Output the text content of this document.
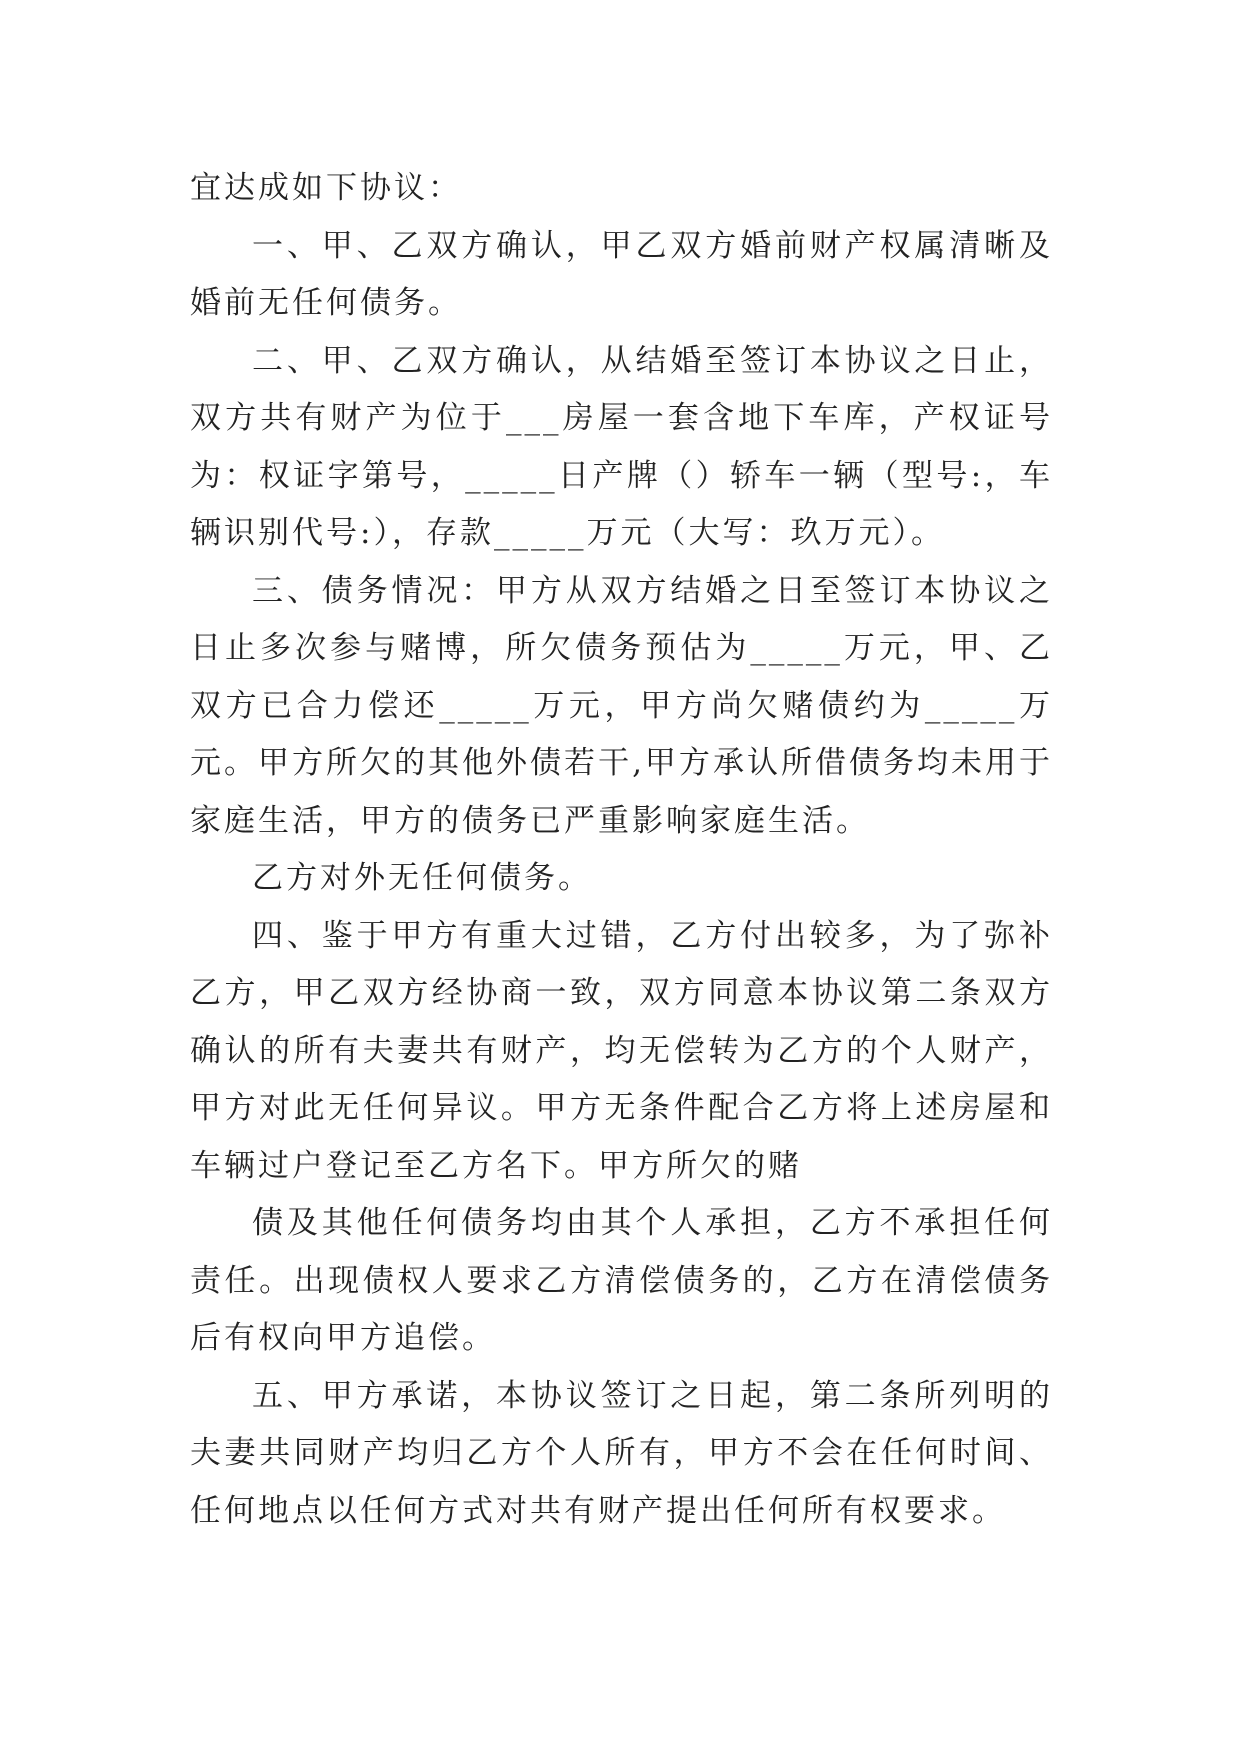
宜达成如下协议：

一、甲、乙双方确认，甲乙双方婚前财产权属清晰及婚前无任何债务。

二、甲、乙双方确认，从结婚至签订本协议之日止，双方共有财产为位于___房屋一套含地下车库，产权证号为：权证字第号，_____日产牌（）轿车一辆（型号:，车辆识别代号:），存款_____万元（大写：玖万元）。

三、债务情况：甲方从双方结婚之日至签订本协议之日止多次参与赌博，所欠债务预估为_____万元，甲、乙双方已合力偿还_____万元，甲方尚欠赌债约为_____万元。甲方所欠的其他外债若干,甲方承认所借债务均未用于家庭生活，甲方的债务已严重影响家庭生活。

乙方对外无任何债务。

四、鉴于甲方有重大过错，乙方付出较多，为了弥补乙方，甲乙双方经协商一致，双方同意本协议第二条双方确认的所有夫妻共有财产，均无偿转为乙方的个人财产，甲方对此无任何异议。甲方无条件配合乙方将上述房屋和车辆过户登记至乙方名下。甲方所欠的赌

债及其他任何债务均由其个人承担，乙方不承担任何责任。出现债权人要求乙方清偿债务的，乙方在清偿债务后有权向甲方追偿。

五、甲方承诺，本协议签订之日起，第二条所列明的夫妻共同财产均归乙方个人所有，甲方不会在任何时间、任何地点以任何方式对共有财产提出任何所有权要求。
